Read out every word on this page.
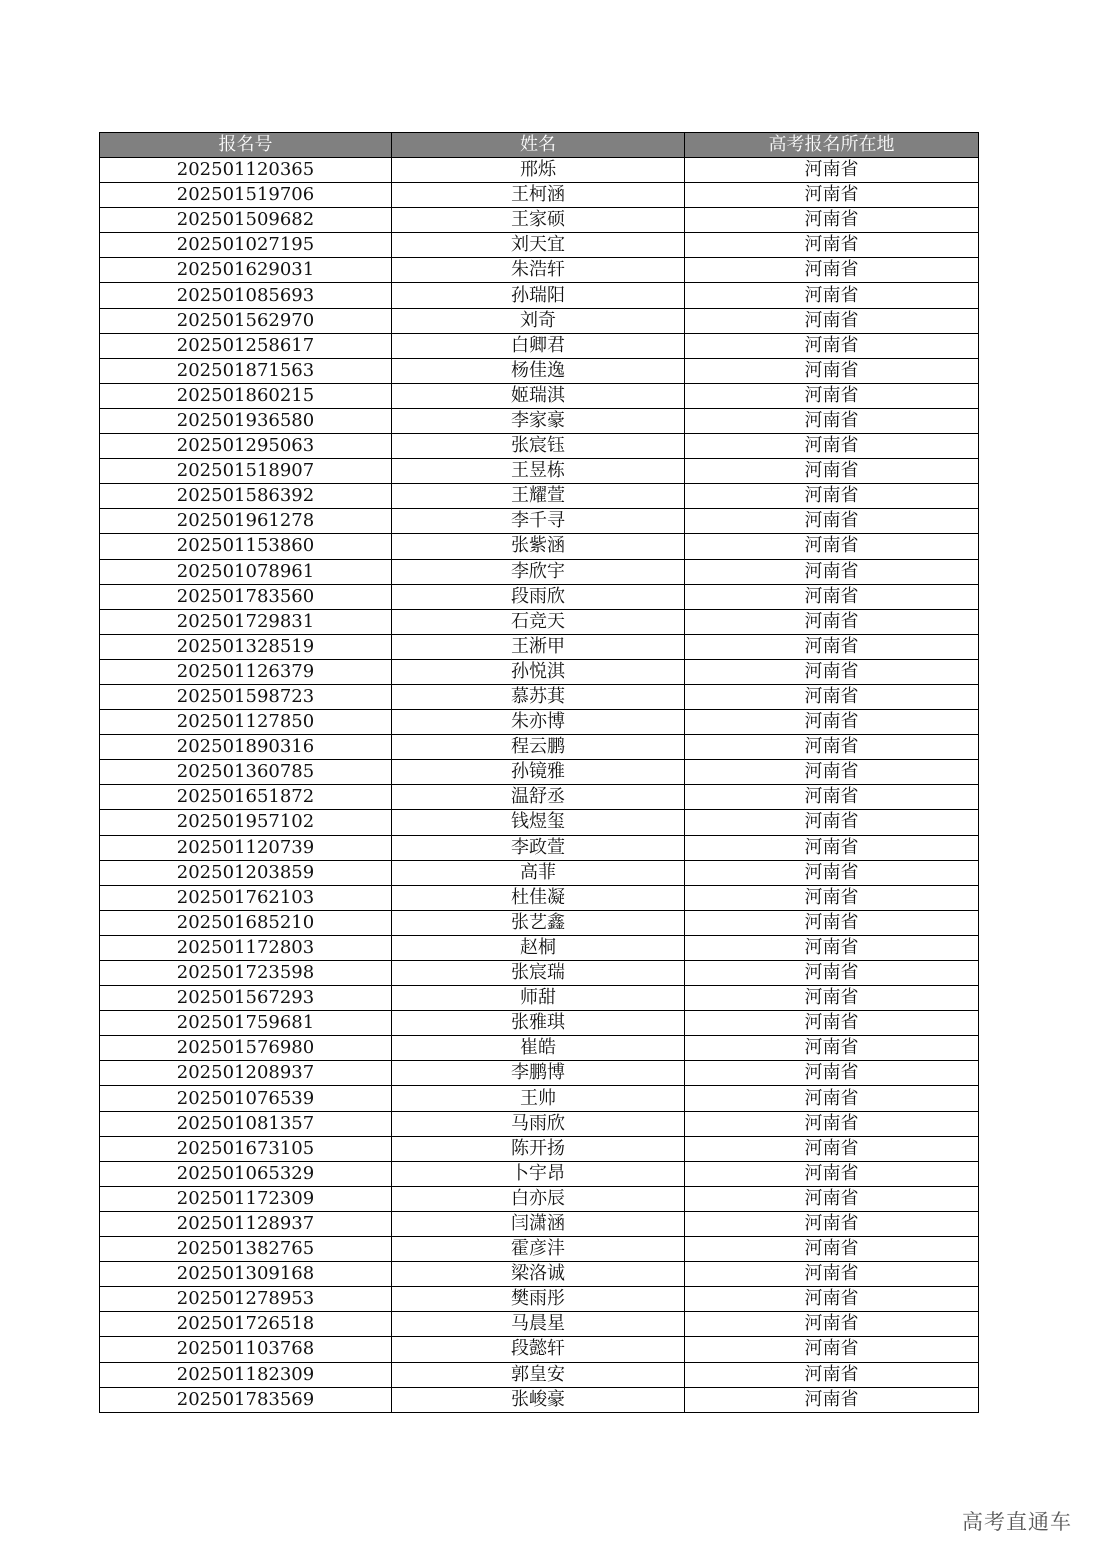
报名号	姓名	高考报名所在地
202501120365	邢烁	河南省
202501519706	王柯涵	河南省
202501509682	王家硕	河南省
202501027195	刘天宜	河南省
202501629031	朱浩轩	河南省
202501085693	孙瑞阳	河南省
202501562970	刘奇	河南省
202501258617	白卿君	河南省
202501871563	杨佳逸	河南省
202501860215	姬瑞淇	河南省
202501936580	李家豪	河南省
202501295063	张宸钰	河南省
202501518907	王昱栋	河南省
202501586392	王耀萱	河南省
202501961278	李千寻	河南省
202501153860	张紫涵	河南省
202501078961	李欣宇	河南省
202501783560	段雨欣	河南省
202501729831	石竞天	河南省
202501328519	王淅甲	河南省
202501126379	孙悦淇	河南省
202501598723	慕苏萁	河南省
202501127850	朱亦博	河南省
202501890316	程云鹏	河南省
202501360785	孙镜雅	河南省
202501651872	温舒丞	河南省
202501957102	钱煜玺	河南省
202501120739	李政萱	河南省
202501203859	高菲	河南省
202501762103	杜佳凝	河南省
202501685210	张艺鑫	河南省
202501172803	赵桐	河南省
202501723598	张宸瑞	河南省
202501567293	师甜	河南省
202501759681	张雅琪	河南省
202501576980	崔皓	河南省
202501208937	李鹏博	河南省
202501076539	王帅	河南省
202501081357	马雨欣	河南省
202501673105	陈开扬	河南省
202501065329	卜宇昂	河南省
202501172309	白亦辰	河南省
202501128937	闫潇涵	河南省
202501382765	霍彦沣	河南省
202501309168	梁洛诚	河南省
202501278953	樊雨彤	河南省
202501726518	马晨星	河南省
202501103768	段懿轩	河南省
202501182309	郭皇安	河南省
202501783569	张峻豪	河南省
高考直通车
